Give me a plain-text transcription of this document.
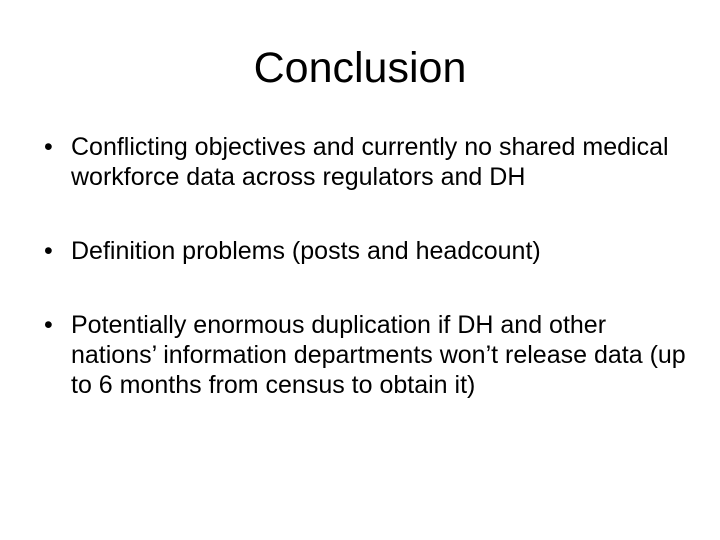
Conclusion
• Conflicting objectives and currently no shared medical workforce data across regulators and DH
• Definition problems (posts and headcount)
• Potentially enormous duplication if DH and other nations’ information departments won’t release data (up to 6 months from census to obtain it)
